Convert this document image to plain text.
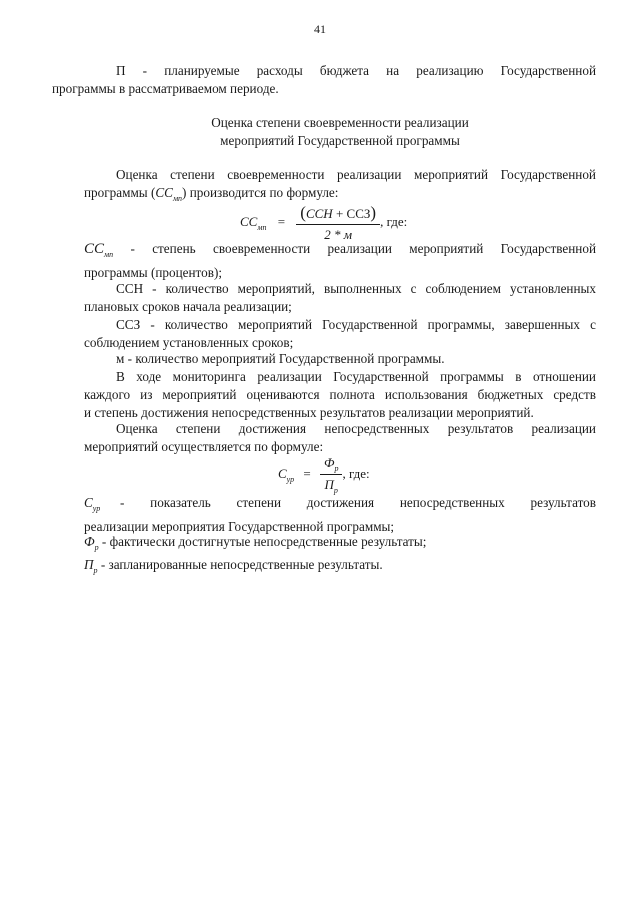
41
П - планируемые расходы бюджета на реализацию Государственной
программы в рассматриваемом периоде.
Оценка степени своевременности реализации
мероприятий Государственной программы
Оценка степени своевременности реализации мероприятий Государственной
программы $(СС_{мп})$ производится по формуле:
$СС_{мп} = \frac{\text{(ССН + ССЗ)}}{2 * м}$ , где:
$СС_{мп}$ - степень своевременности реализации мероприятий Государственной
программы (процентов);
ССН - количество мероприятий, выполненных с соблюдением установленных
плановых сроков начала реализации;
ССЗ - количество мероприятий Государственной программы, завершенных с
соблюдением установленных сроков;
м - количество мероприятий Государственной программы.
В ходе мониторинга реализации Государственной программы в отношении
каждого из мероприятий оцениваются полнота использования бюджетных средств
и степень достижения непосредственных результатов реализации мероприятий.
Оценка степени достижения непосредственных результатов реализации
мероприятий осуществляется по формуле:
$С_{ур} = \frac{Ф_р}{П_р}$ , где:
$С_{ур}$ - показатель степени достижения непосредственных результатов
реализации мероприятия Государственной программы;
$Ф_р$ - фактически достигнутые непосредственные результаты;
$П_р$ - запланированные непосредственные результаты.
